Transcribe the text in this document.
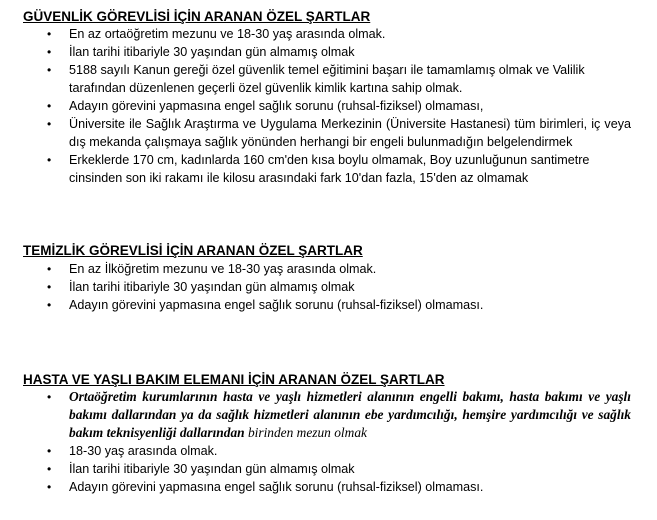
GÜVENLİK GÖREVLİSİ İÇİN ARANAN ÖZEL ŞARTLAR
• En az ortaöğretim mezunu ve 18-30 yaş arasında olmak.
• İlan tarihi itibariyle 30 yaşından gün almamış olmak
• 5188 sayılı Kanun gereği özel güvenlik temel eğitimini başarı ile tamamlamış olmak ve Valilik tarafından düzenlenen geçerli özel güvenlik kimlik kartına sahip olmak.
• Adayın görevini yapmasına engel sağlık sorunu (ruhsal-fiziksel) olmaması,
• Üniversite ile Sağlık Araştırma ve Uygulama Merkezinin (Üniversite Hastanesi) tüm birimleri, iç veya dış mekanda çalışmaya sağlık yönünden herhangi bir engeli bulunmadığın belgelendirmek
• Erkeklerde 170 cm, kadınlarda 160 cm'den kısa boylu olmamak, Boy uzunluğunun santimetre cinsinden son iki rakamı ile kilosu arasındaki fark 10'dan fazla, 15'den az olmamak
TEMİZLİK GÖREVLİSİ İÇİN ARANAN ÖZEL ŞARTLAR
• En az İlköğretim mezunu ve 18-30 yaş arasında olmak.
• İlan tarihi itibariyle 30 yaşından gün almamış olmak
• Adayın görevini yapmasına engel sağlık sorunu (ruhsal-fiziksel) olmaması.
HASTA VE YAŞLI BAKIM ELEMANI İÇİN ARANAN ÖZEL ŞARTLAR
• Ortaöğretim kurumlarının hasta ve yaşlı hizmetleri alanının engelli bakımı, hasta bakımı ve yaşlı bakımı dallarından ya da sağlık hizmetleri alanının ebe yardımcılığı, hemşire yardımcılığı ve sağlık bakım teknisyenliği dallarından birinden mezun olmak
• 18-30 yaş arasında olmak.
• İlan tarihi itibariyle 30 yaşından gün almamış olmak
• Adayın görevini yapmasına engel sağlık sorunu (ruhsal-fiziksel) olmaması.
